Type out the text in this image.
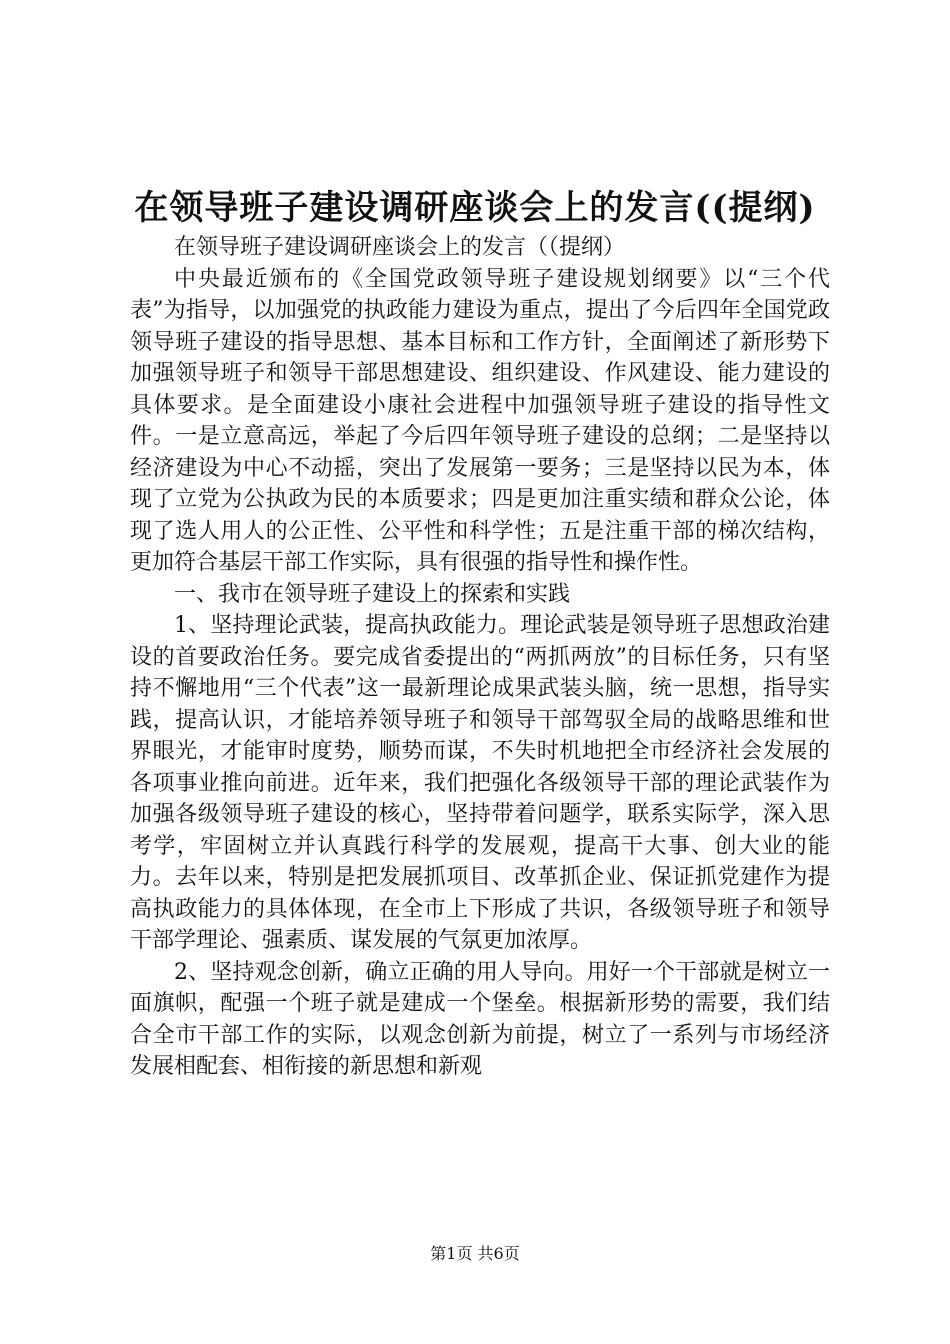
在领导班子建设调研座谈会上的发言((提纲)

在领导班子建设调研座谈会上的发言（（提纲）

中央最近颁布的《全国党政领导班子建设规划纲要》以“三个代表”为指导，以加强党的执政能力建设为重点，提出了今后四年全国党政领导班子建设的指导思想、基本目标和工作方针，全面阐述了新形势下加强领导班子和领导干部思想建设、组织建设、作风建设、能力建设的具体要求。是全面建设小康社会进程中加强领导班子建设的指导性文件。一是立意高远，举起了今后四年领导班子建设的总纲；二是坚持以经济建设为中心不动摇，突出了发展第一要务；三是坚持以民为本，体现了立党为公执政为民的本质要求；四是更加注重实绩和群众公论，体现了选人用人的公正性、公平性和科学性；五是注重干部的梯次结构，更加符合基层干部工作实际，具有很强的指导性和操作性。

一、我市在领导班子建设上的探索和实践

1、坚持理论武装，提高执政能力。理论武装是领导班子思想政治建设的首要政治任务。要完成省委提出的“两抓两放”的目标任务，只有坚持不懈地用“三个代表”这一最新理论成果武装头脑，统一思想，指导实践，提高认识，才能培养领导班子和领导干部驾驭全局的战略思维和世界眼光，才能审时度势，顺势而谋，不失时机地把全市经济社会发展的各项事业推向前进。近年来，我们把强化各级领导干部的理论武装作为加强各级领导班子建设的核心，坚持带着问题学，联系实际学，深入思考学，牢固树立并认真践行科学的发展观，提高干大事、创大业的能力。去年以来，特别是把发展抓项目、改革抓企业、保证抓党建作为提高执政能力的具体体现，在全市上下形成了共识，各级领导班子和领导干部学理论、强素质、谋发展的气氛更加浓厚。

2、坚持观念创新，确立正确的用人导向。用好一个干部就是树立一面旗帜，配强一个班子就是建成一个堡垒。根据新形势的需要，我们结合全市干部工作的实际，以观念创新为前提，树立了一系列与市场经济发展相配套、相衔接的新思想和新观

第1页 共6页
